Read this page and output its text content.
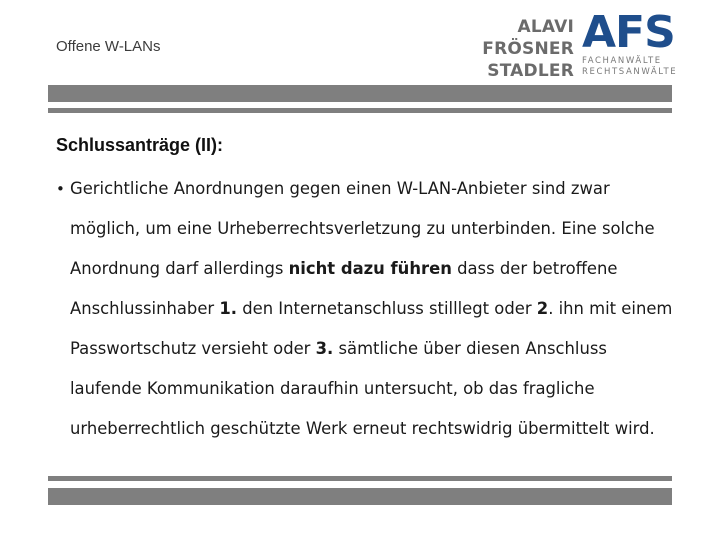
Offene W-LANs
ALAVI
FRÖSNER
STADLER
AFS
FACHANWÄLTE
RECHTSANWÄLTE
Schlussanträge (II):
• Gerichtliche Anordnungen gegen einen W-LAN-Anbieter sind zwar möglich, um eine Urheberrechtsverletzung zu unterbinden. Eine solche Anordnung darf allerdings nicht dazu führen dass der betroffene Anschlussinhaber 1. den Internetanschluss stilllegt oder 2. ihn mit einem Passwortschutz versieht oder 3. sämtliche über diesen Anschluss laufende Kommunikation daraufhin untersucht, ob das fragliche urheberrechtlich geschützte Werk erneut rechtswidrig übermittelt wird.
